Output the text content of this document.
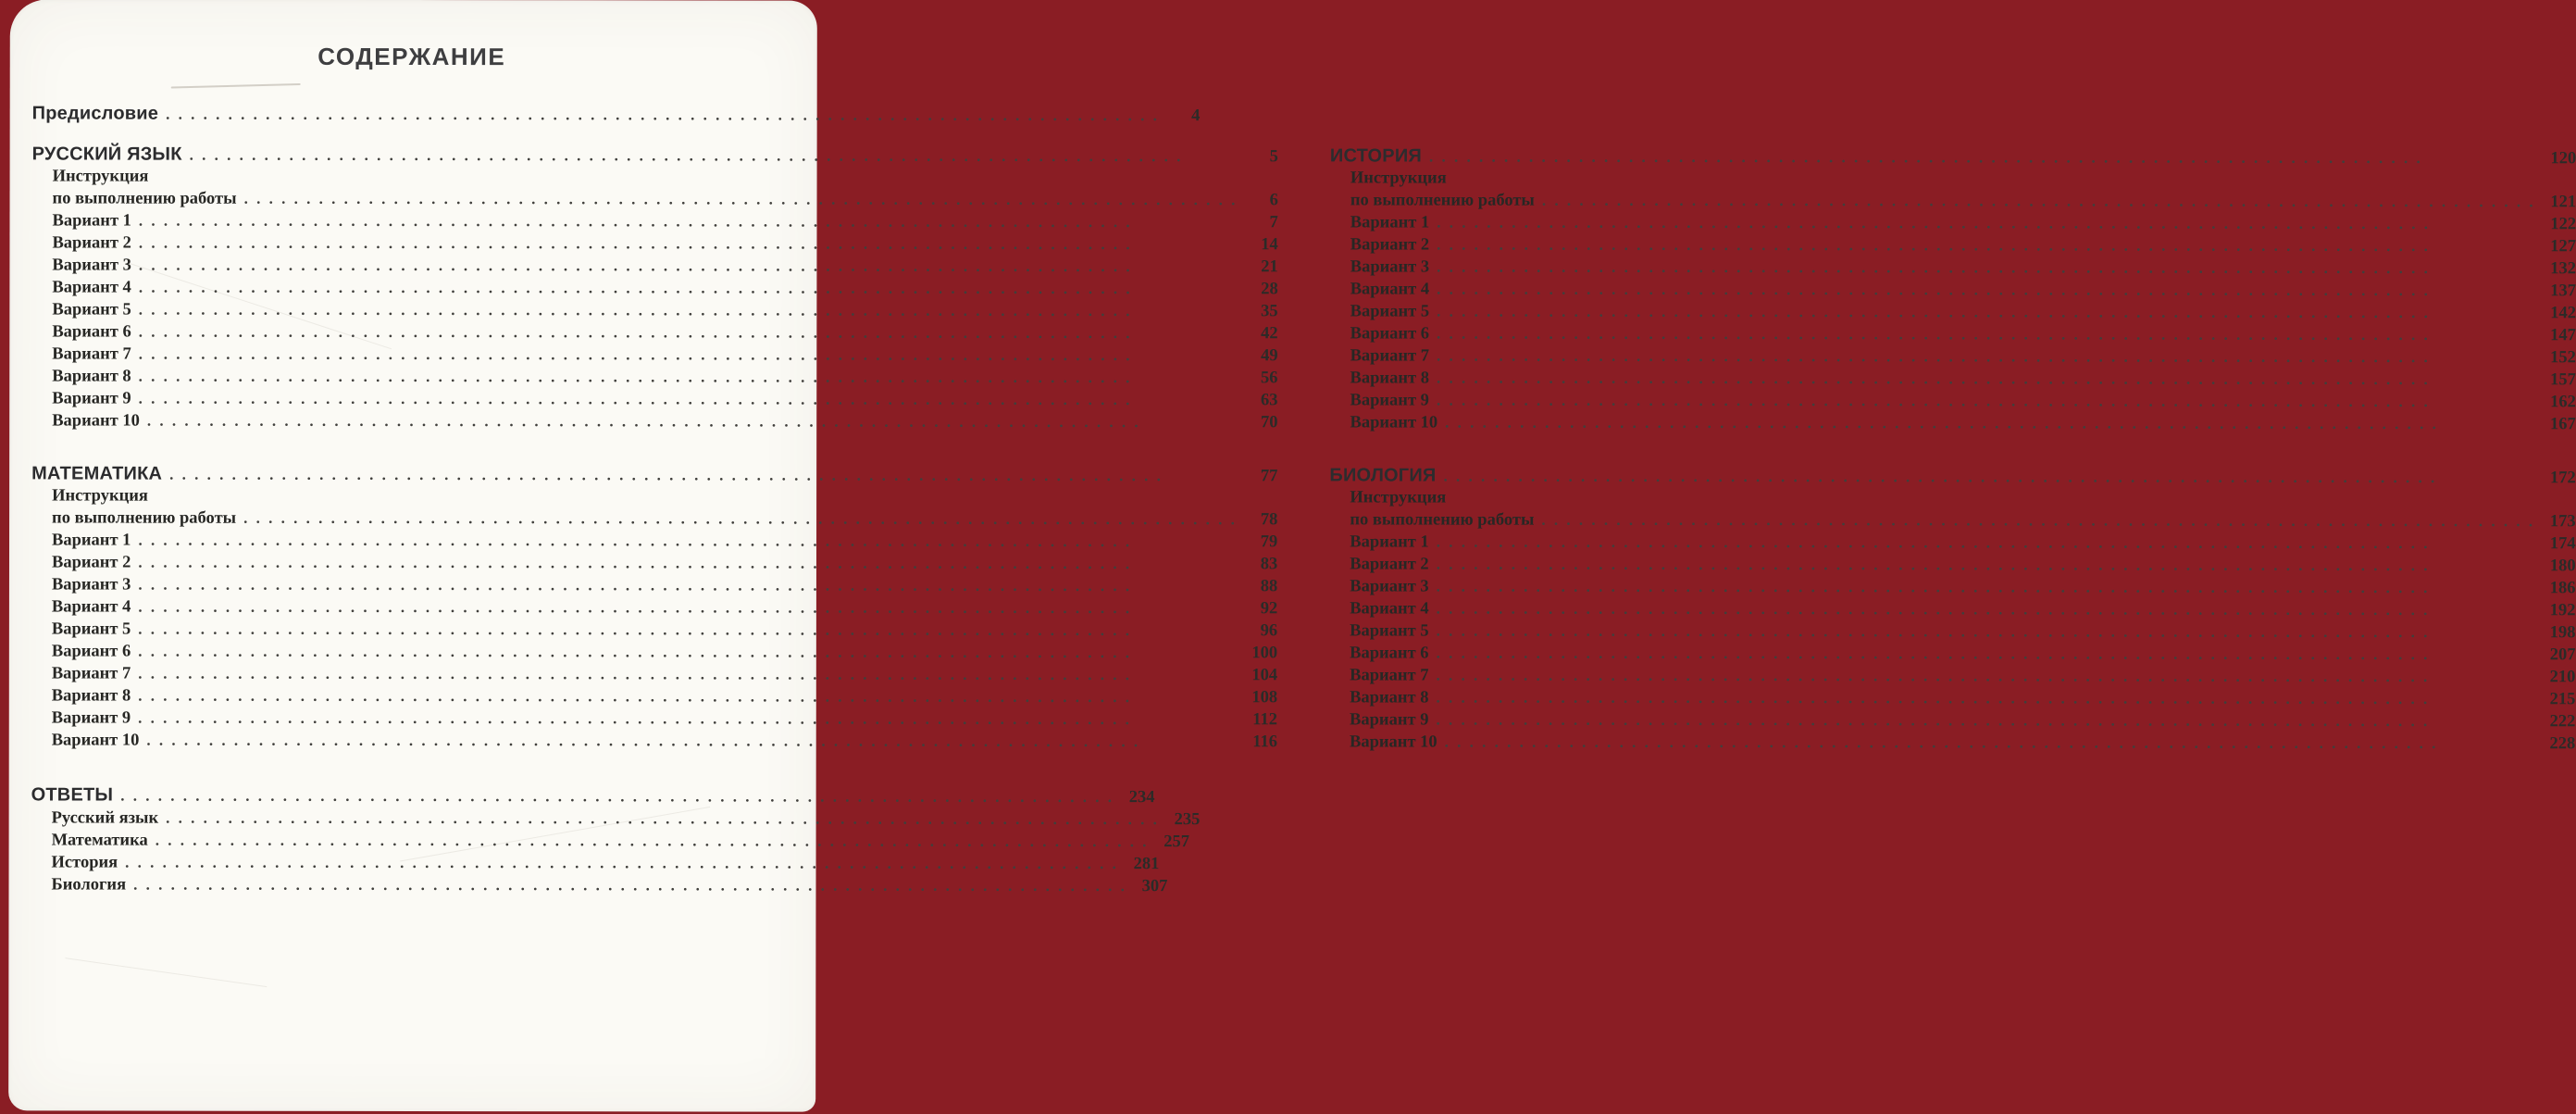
СОДЕРЖАНИЕ
Предисловие . . .	4
РУССКИЙ ЯЗЫК . . .	5
Инструкция
по выполнению работы . . .	6
Вариант 1 . . .	7
Вариант 2 . . .	14
Вариант 3 . . .	21
Вариант 4 . . .	28
Вариант 5 . . .	35
Вариант 6 . . .	42
Вариант 7 . . .	49
Вариант 8 . . .	56
Вариант 9 . . .	63
Вариант 10 . . .	70
МАТЕМАТИКА . . .	77
Инструкция
по выполнению работы . . .	78
Вариант 1 . . .	79
Вариант 2 . . .	83
Вариант 3 . . .	88
Вариант 4 . . .	92
Вариант 5 . . .	96
Вариант 6 . . .	100
Вариант 7 . . .	104
Вариант 8 . . .	108
Вариант 9 . . .	112
Вариант 10 . . .	116
ИСТОРИЯ . . .	120
Инструкция
по выполнению работы . . .	121
Вариант 1 . . .	122
Вариант 2 . . .	127
Вариант 3 . . .	132
Вариант 4 . . .	137
Вариант 5 . . .	142
Вариант 6 . . .	147
Вариант 7 . . .	152
Вариант 8 . . .	157
Вариант 9 . . .	162
Вариант 10 . . .	167
БИОЛОГИЯ . . .	172
Инструкция
по выполнению работы . . .	173
Вариант 1 . . .	174
Вариант 2 . . .	180
Вариант 3 . . .	186
Вариант 4 . . .	192
Вариант 5 . . .	198
Вариант 6 . . .	207
Вариант 7 . . .	210
Вариант 8 . . .	215
Вариант 9 . . .	222
Вариант 10 . . .	228
ОТВЕТЫ . . .	234
Русский язык . . .	235
Математика . . .	257
История . . .	281
Биология . . .	307
